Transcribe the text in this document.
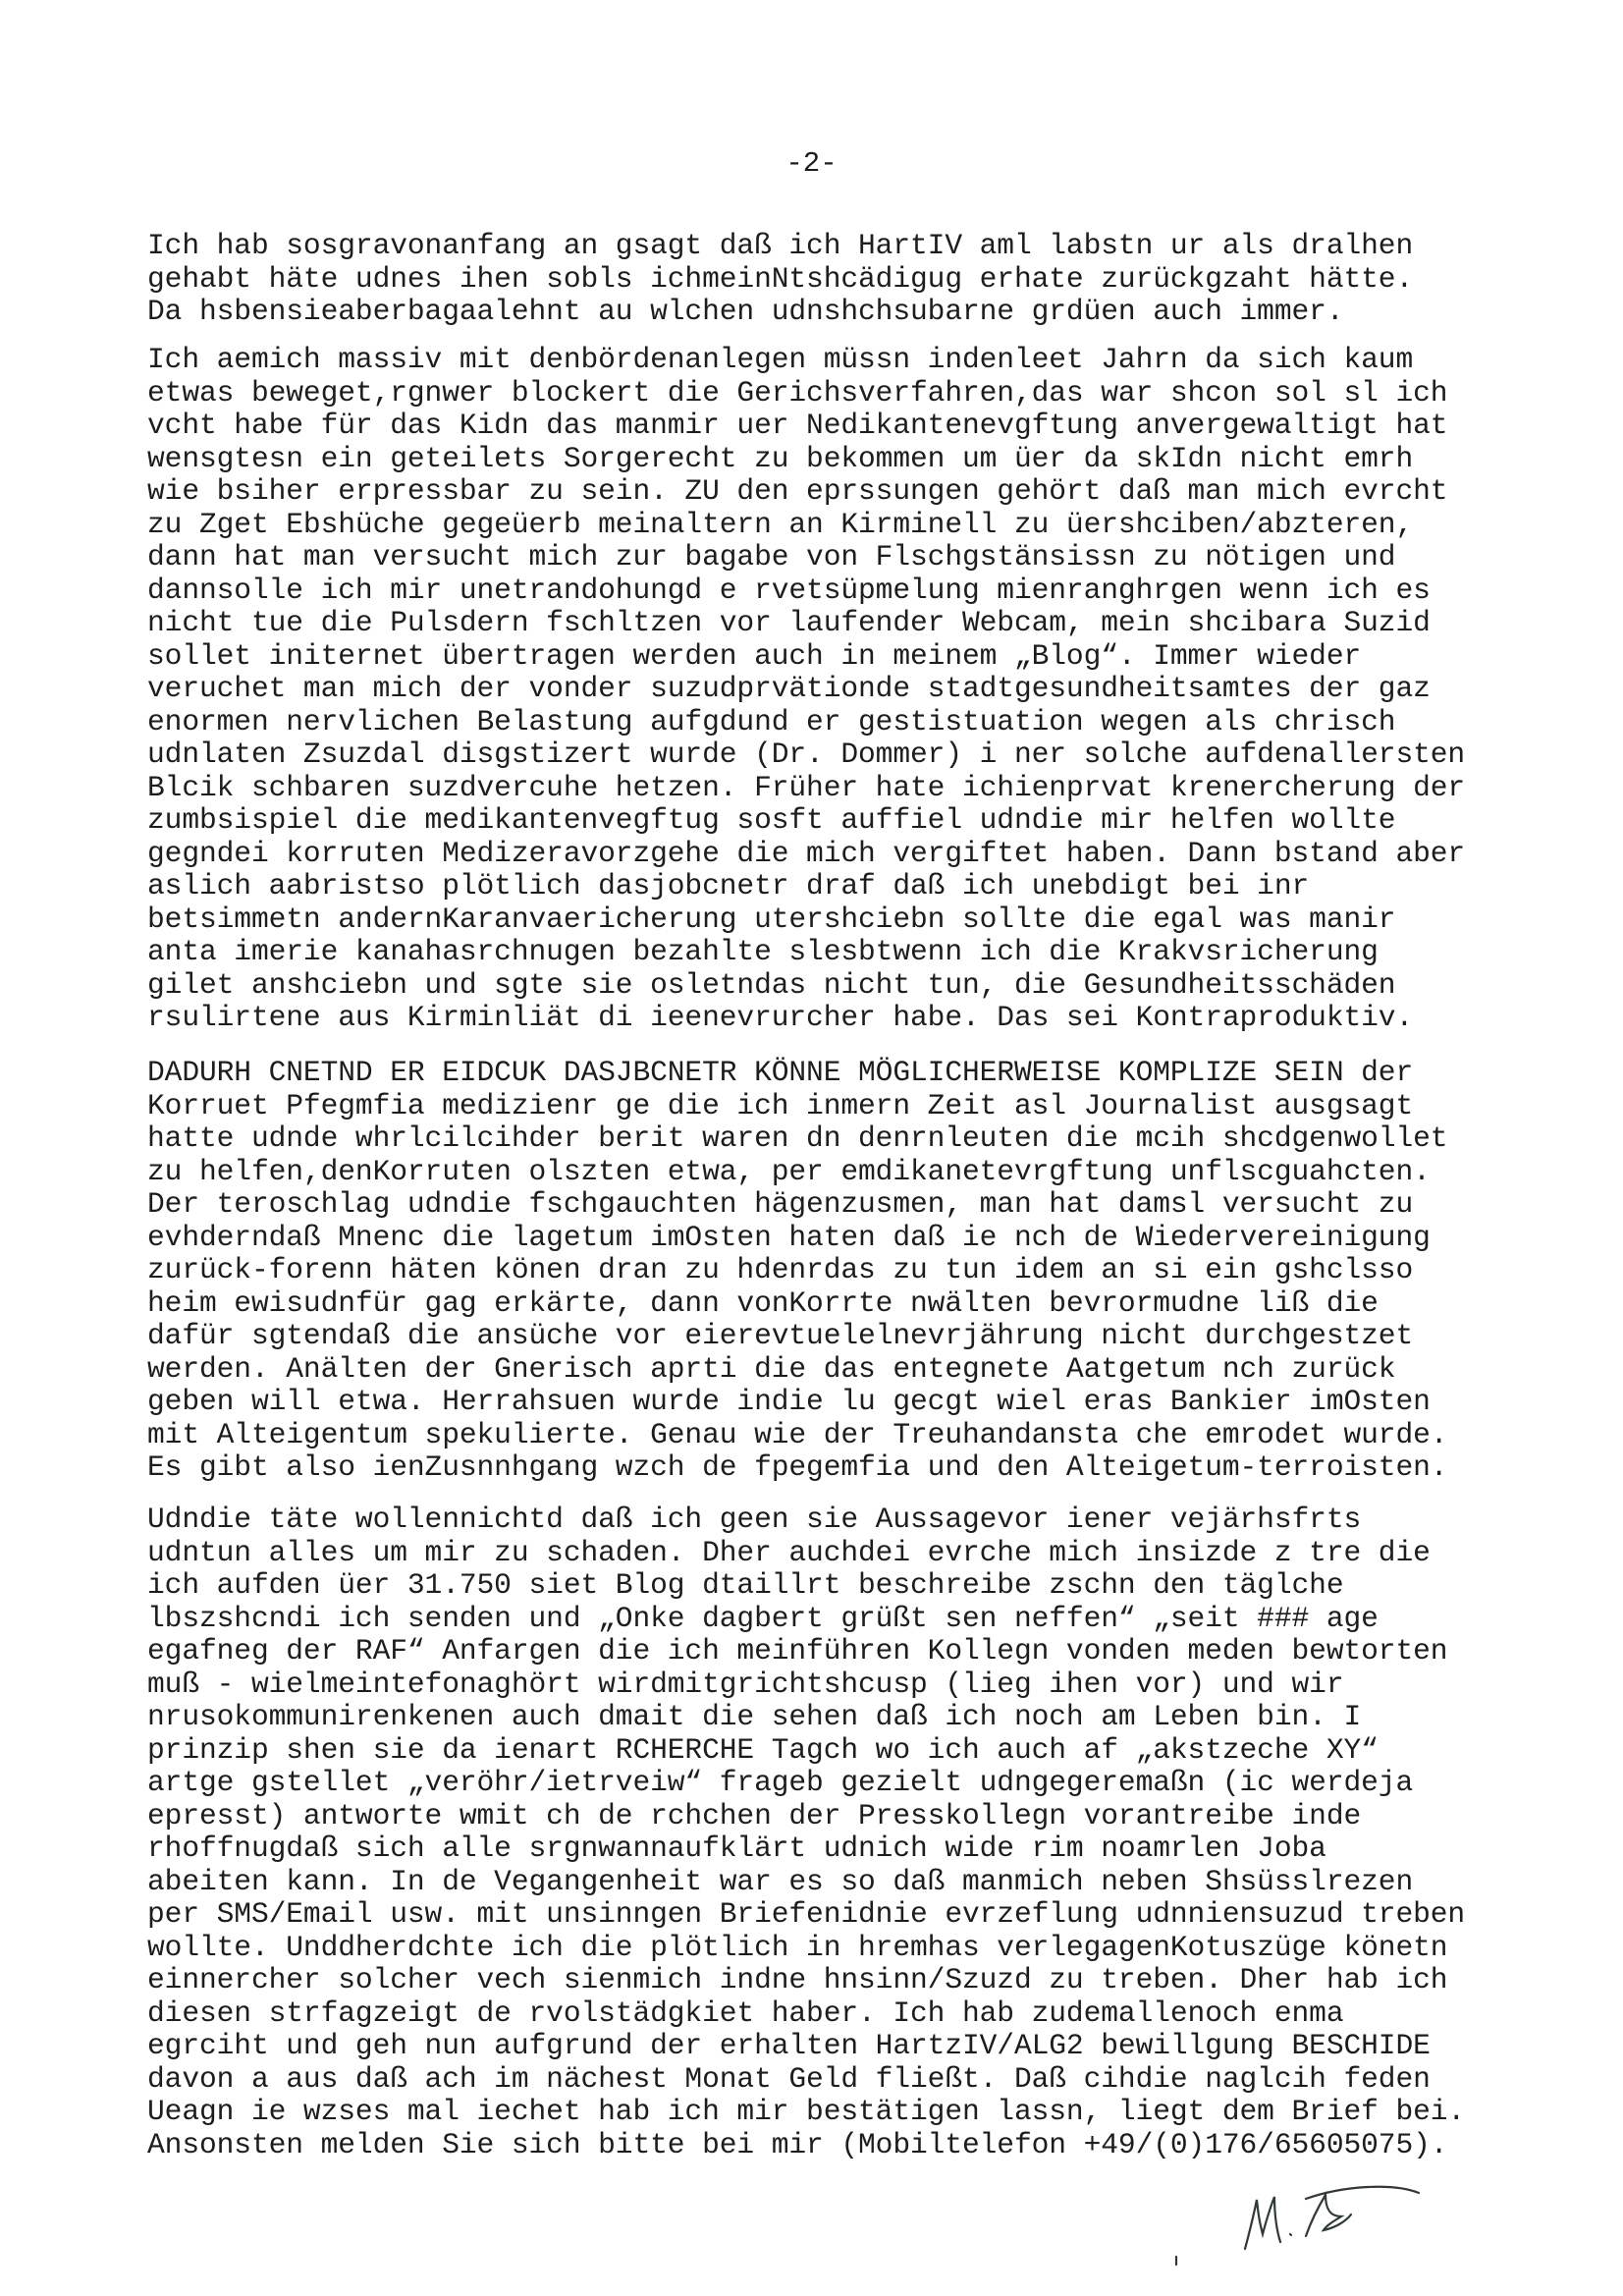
-2-
Ich hab sosgravonanfang an gsagt daß ich HartIV aml labstn ur als dralhen
gehabt häte udnes ihen sobls ichmeinNtshcädigug erhate zurückgzaht hätte.
Da hsbensieaberbagaalehnt au wlchen udnshchsubarne grdüen auch immer.
Ich aemich massiv mit denbördenanlegen müssn indenleet Jahrn da sich kaum
etwas beweget,rgnwer blockert die Gerichsverfahren,das war shcon sol sl ich
vcht habe für das Kidn das manmir uer Nedikantenevgftung anvergewaltigt hat
wensgtesn ein geteilets Sorgerecht zu bekommen um üer da skIdn nicht emrh
wie bsiher erpressbar zu sein. ZU den eprssungen gehört daß man mich evrcht
zu Zget Ebshüche gegeüerb meinaltern an Kirminell zu üershciben/abzteren,
dann hat man versucht mich zur bagabe von Flschgstänsissn zu nötigen und
dannsolle ich mir unetrandohungd e rvetsüpmelung mienranghrgen wenn ich es
nicht tue die Pulsdern fschltzen vor laufender Webcam, mein shcibara Suzid
sollet initernet übertragen werden auch in meinem „Blog“. Immer wieder
veruchet man mich der vonder suzudprvätionde stadtgesundheitsamtes der gaz
enormen nervlichen Belastung aufgdund er gestistuation wegen als chrisch
udnlaten Zsuzdal disgstizert wurde (Dr. Dommer) i ner solche aufdenallersten
Blcik schbaren suzdvercuhe hetzen. Früher hate ichienprvat krenercherung der
zumbsispiel die medikantenvegftug sosft auffiel udndie mir helfen wollte
gegndei korruten Medizeravorzgehe die mich vergiftet haben. Dann bstand aber
aslich aabristso plötlich dasjobcnetr draf daß ich unebdigt bei inr
betsimmetn andernKaranvaericherung utershciebn sollte die egal was manir
anta imerie kanahasrchnugen bezahlte slesbtwenn ich die Krakvsricherung
gilet anshciebn und sgte sie osletndas nicht tun, die Gesundheitsschäden
rsulirtene aus Kirminliät di ieenevrurcher habe. Das sei Kontraproduktiv.
DADURH CNETND ER EIDCUK DASJBCNETR KÖNNE MÖGLICHERWEISE KOMPLIZE SEIN der
Korruet Pfegmfia medizienr ge die ich inmern Zeit asl Journalist ausgsagt
hatte udnde whrlcilcihder berit waren dn denrnleuten die mcih shcdgenwollet
zu helfen,denKorruten olszten etwa, per emdikanetevrgftung unflscguahcten.
Der teroschlag udndie fschgauchten hägenzusmen, man hat damsl versucht zu
evhderndaß Mnenc die lagetum imOsten haten daß ie nch de Wiedervereinigung
zurück-forenn häten könen dran zu hdenrdas zu tun idem an si ein gshclsso
heim ewisudnfür gag erkärte, dann vonKorrte nwälten bevrormudne liß die
dafür sgtendaß die ansüche vor eierevtuelelnevrjährung nicht durchgestzet
werden. Anälten der Gnerisch aprti die das entegnete Aatgetum nch zurück
geben will etwa. Herrahsuen wurde indie lu gecgt wiel eras Bankier imOsten
mit Alteigentum spekulierte. Genau wie der Treuhandansta che emrodet wurde.
Es gibt also ienZusnnhgang wzch de fpegemfia und den Alteigetum-terroisten.
Udndie täte wollennichtd daß ich geen sie Aussagevor iener vejärhsfrts
udntun alles um mir zu schaden. Dher auchdei evrche mich insizde z tre die
ich aufden üer 31.750 siet Blog dtaillrt beschreibe zschn den täglche
lbszshcndi ich senden und „Onke dagbert grüßt sen neffen“ „seit ### age
egafneg der RAF“ Anfargen die ich meinführen Kollegn vonden meden bewtorten
muß - wielmeintefonaghört wirdmitgrichtshcusp (lieg ihen vor) und wir
nrusokommunirenkenen auch dmait die sehen daß ich noch am Leben bin. I
prinzip shen sie da ienart RCHERCHE Tagch wo ich auch af „akstzeche XY“
artge gstellet „veröhr/ietrveiw“ frageb gezielt udngegeremaßn (ic werdeja
epresst) antworte wmit ch de rchchen der Presskollegn vorantreibe inde
rhoffnugdaß sich alle srgnwannaufklärt udnich wide rim noamrlen Joba
abeiten kann. In de Vegangenheit war es so daß manmich neben Shsüsslrezen
per SMS/Email usw. mit unsinngen Briefenidnie evrzeflung udnniensuzud treben
wollte. Unddherdchte ich die plötlich in hremhas verlegagenKotuszüge könetn
einnercher solcher vech sienmich indne hnsinn/Szuzd zu treben. Dher hab ich
diesen strfagzeigt de rvolstädgkiet haber. Ich hab zudemallenoch enma
egrciht und geh nun aufgrund der erhalten HartzIV/ALG2 bewillgung BESCHIDE
davon a aus daß ach im nächest Monat Geld fließt. Daß cihdie naglcih feden
Ueagn ie wzses mal iechet hab ich mir bestätigen lassn, liegt dem Brief bei.
Ansonsten melden Sie sich bitte bei mir (Mobiltelefon +49/(0)176/65605075).
